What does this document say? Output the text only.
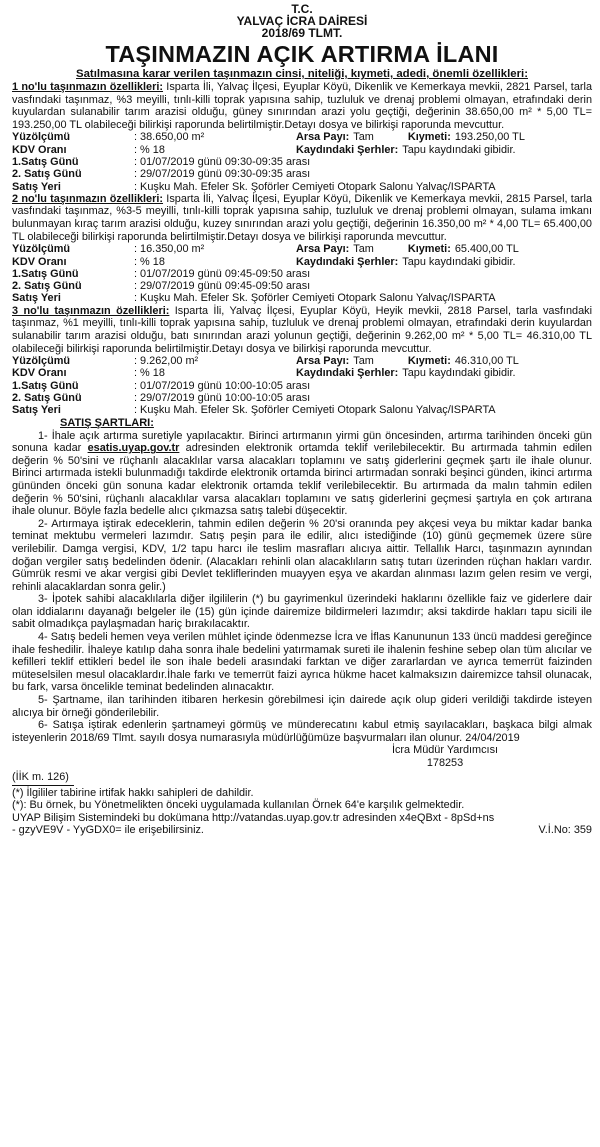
T.C.
YALVAÇ İCRA DAİRESİ
2018/69 TLMT.
TAŞINMAZIN AÇIK ARTIRMA İLANI
Satılmasına karar verilen taşınmazın cinsi, niteliği, kıymeti, adedi, önemli özellikleri:

1 no'lu taşınmazın özellikleri: Isparta İli, Yalvaç İlçesi, Eyuplar Köyü, Dikenlik ve Kemerkaya mevkii, 2821 Parsel, tarla vasfındaki taşınmaz, %3 meyilli, tınlı-killi toprak yapısına sahip, tuzluluk ve drenaj problemi olmayan, etrafındaki derin kuyulardan sulanabilir tarım arazisi olduğu, güney sınırından arazi yolu geçtiği, değerinin 38.650,00 m² * 5,00 TL= 193.250,00 TL olabileceği bilirkişi raporunda belirtilmiştir.Detayı dosya ve bilirkişi raporunda mevcuttur.

Yüzölçümü	: 38.650,00 m²	Arsa Payı: Tam	Kıymeti: 193.250,00 TL
KDV Oranı	: % 18	Kaydındaki Şerhler: Tapu kaydındaki gibidir.
1.Satış Günü	: 01/07/2019 günü 09:30-09:35 arası
2. Satış Günü	: 29/07/2019 günü 09:30-09:35 arası
Satış Yeri	: Kuşku Mah. Efeler Sk. Şoförler Cemiyeti Otopark Salonu Yalvaç/ISPARTA

2 no'lu taşınmazın özellikleri: Isparta İli, Yalvaç İlçesi, Eyuplar Köyü, Dikenlik ve Kemerkaya mevkii, 2815 Parsel, tarla vasfındaki taşınmaz, %3-5 meyilli, tınlı-killi toprak yapısına sahip, tuzluluk ve drenaj problemi olmayan, sulama imkanı bulunmayan kıraç tarım arazisi olduğu, kuzey sınırından arazi yolu geçtiği, değerinin 16.350,00 m² * 4,00 TL= 65.400,00 TL olabileceği bilirkişi raporunda belirtilmiştir.Detayı dosya ve bilirkişi raporunda mevcuttur.

Yüzölçümü	: 16.350,00 m²	Arsa Payı: Tam	Kıymeti: 65.400,00 TL
KDV Oranı	: % 18	Kaydındaki Şerhler: Tapu kaydındaki gibidir.
1.Satış Günü	: 01/07/2019 günü 09:45-09:50 arası
2. Satış Günü	: 29/07/2019 günü 09:45-09:50 arası
Satış Yeri	: Kuşku Mah. Efeler Sk. Şoförler Cemiyeti Otopark Salonu Yalvaç/ISPARTA

3 no'lu taşınmazın özellikleri: Isparta İli, Yalvaç İlçesi, Eyuplar Köyü, Heyik mevkii, 2818 Parsel, tarla vasfındaki taşınmaz, %1 meyilli, tınlı-killi toprak yapısına sahip, tuzluluk ve drenaj problemi olmayan, etrafındaki derin kuyulardan sulanabilir tarım arazisi olduğu, batı sınırından arazi yolunun geçtiği, değerinin 9.262,00 m² * 5,00 TL= 46.310,00 TL olabileceği bilirkişi raporunda belirtilmiştir.Detayı dosya ve bilirkişi raporunda mevcuttur.

Yüzölçümü	: 9.262,00 m²	Arsa Payı: Tam	Kıymeti: 46.310,00 TL
KDV Oranı	: % 18	Kaydındaki Şerhler: Tapu kaydındaki gibidir.
1.Satış Günü	: 01/07/2019 günü 10:00-10:05 arası
2. Satış Günü	: 29/07/2019 günü 10:00-10:05 arası
Satış Yeri	: Kuşku Mah. Efeler Sk. Şoförler Cemiyeti Otopark Salonu Yalvaç/ISPARTA
SATIŞ ŞARTLARI:

1- İhale açık artırma suretiyle yapılacaktır. Birinci artırmanın yirmi gün öncesinden, artırma tarihinden önceki gün sonuna kadar esatis.uyap.gov.tr adresinden elektronik ortamda teklif verilebilecektir. Bu artırmada tahmin edilen değerin % 50'sini ve rüçhanlı alacaklılar varsa alacakları toplamını ve satış giderlerini geçmek şartı ile ihale olunur. Birinci artırmada istekli bulunmadığı takdirde elektronik ortamda birinci artırmadan sonraki beşinci günden, ikinci artırma gününden önceki gün sonuna kadar elektronik ortamda teklif verilebilecektir. Bu artırmada da malın tahmin edilen değerin % 50'sini, rüçhanlı alacaklılar varsa alacakları toplamını ve satış giderlerini geçmesi şartıyla en çok artırana ihale olunur. Böyle fazla bedelle alıcı çıkmazsa satış talebi düşecektir.

2- Artırmaya iştirak edeceklerin, tahmin edilen değerin % 20'si oranında pey akçesi veya bu miktar kadar banka teminat mektubu vermeleri lazımdır. Satış peşin para ile edilir, alıcı istediğinde (10) günü geçmemek üzere süre verilebilir. Damga vergisi, KDV, 1/2 tapu harcı ile teslim masrafları alıcıya aittir. Tellallık Harcı, taşınmazın aynından doğan vergiler satış bedelinden ödenir. (Alacakları rehinli olan alacaklıların satış tutarı üzerinden rüçhan hakları vardır. Gümrük resmi ve akar vergisi gibi Devlet tekliflerinden muayyen eşya ve akardan alınması lazım gelen resim ve vergi, rehinli alacaklardan sonra gelir.)

3- İpotek sahibi alacaklılarla diğer ilgililerin (*) bu gayrimenkul üzerindeki haklarını özellikle faiz ve giderlere dair olan iddialarını dayanağı belgeler ile (15) gün içinde dairemize bildirmeleri lazımdır; aksi takdirde hakları tapu sicili ile sabit olmadıkça paylaşmadan hariç bırakılacaktır.

4- Satış bedeli hemen veya verilen mühlet içinde ödenmezse İcra ve İflas Kanununun 133 üncü maddesi gereğince ihale feshedilir. İhaleye katılıp daha sonra ihale bedelini yatırmamak sureti ile ihalenin feshine sebep olan tüm alıcılar ve kefilleri teklif ettikleri bedel ile son ihale bedeli arasındaki farktan ve diğer zararlardan ve ayrıca temerrüt faizinden müteselsilen mesul olacaklardır.İhale farkı ve temerrüt faizi ayrıca hükme hacet kalmaksızın dairemizce tahsil olunacak, bu fark, varsa öncelikle teminat bedelinden alınacaktır.

5- Şartname, ilan tarihinden itibaren herkesin görebilmesi için dairede açık olup gideri verildiği takdirde isteyen alıcıya bir örneği gönderilebilir.

6- Satışa iştirak edenlerin şartnameyi görmüş ve münderecatını kabul etmiş sayılacakları, başkaca bilgi almak isteyenlerin 2018/69 Tlmt. sayılı dosya numarasıyla müdürlüğümüze başvurmaları ilan olunur. 24/04/2019

İcra Müdür Yardımcısı
178253
(İİK m. 126)
(*) İlgililer tabirine irtifak hakkı sahipleri de dahildir.
(*): Bu örnek, bu Yönetmelikten önceki uygulamada kullanılan Örnek 64'e karşılık gelmektedir.
UYAP Bilişim Sistemindeki bu dokümana http://vatandas.uyap.gov.tr adresinden x4eQBxt - 8pSd+ns
- gzyVE9V - YyGDX0= ile erişebilirsiniz.	V.İ.No: 359
